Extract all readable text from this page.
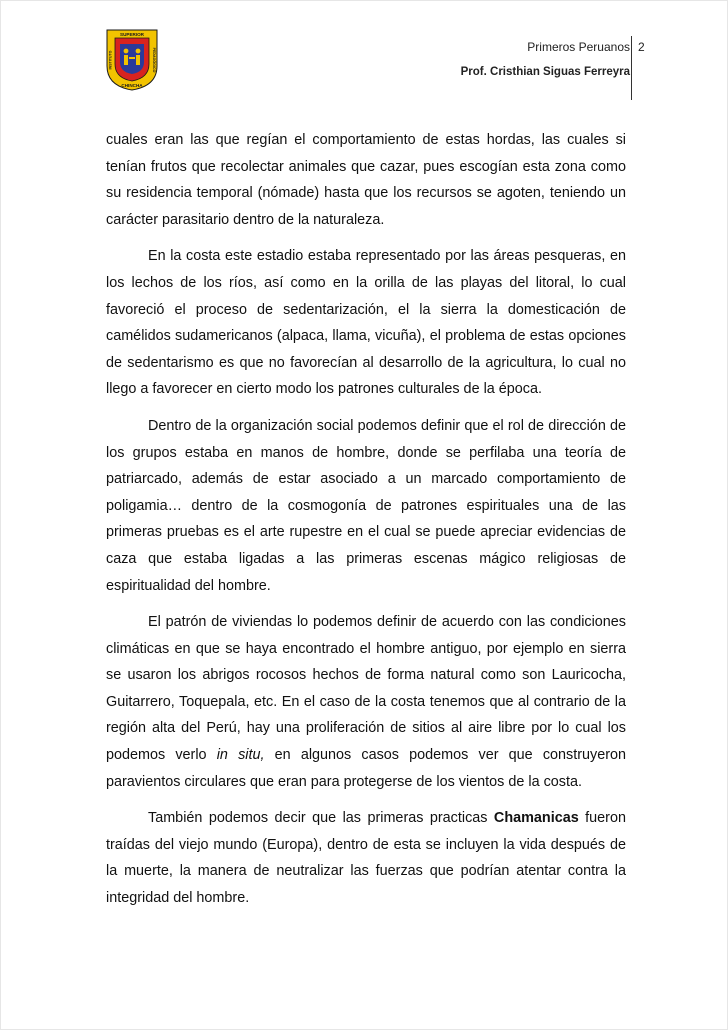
SUPERIOR
CHINCHA
INSTITUTO	PEDAGÓGICO
Primeros Peruanos
Prof. Cristhian Siguas Ferreyra
2

cuales eran las que regían el comportamiento de estas hordas, las cuales si tenían frutos que recolectar animales que cazar, pues escogían esta zona como su residencia temporal (nómade) hasta que los recursos se agoten, teniendo un carácter parasitario dentro de la naturaleza.

En la costa este estadio estaba representado por las áreas pesqueras, en los lechos de los ríos, así como en la orilla de las playas del litoral, lo cual favoreció el proceso de sedentarización, el la sierra la domesticación de camélidos sudamericanos (alpaca, llama, vicuña), el problema de estas opciones de sedentarismo es que no favorecían al desarrollo de la agricultura, lo cual no llego a favorecer en cierto modo los patrones culturales de la época.

Dentro de la organización social podemos definir que el rol de dirección de los grupos estaba en manos de hombre, donde se perfilaba una teoría de patriarcado, además de estar asociado a un marcado comportamiento de poligamia… dentro de la cosmogonía de patrones espirituales una de las primeras pruebas es el arte rupestre en el cual se puede apreciar evidencias de caza que estaba ligadas a las primeras escenas mágico religiosas de espiritualidad del hombre.

El patrón de viviendas lo podemos definir de acuerdo con las condiciones climáticas en que se haya encontrado el hombre antiguo, por ejemplo en sierra se usaron los abrigos rocosos hechos de forma natural como son Lauricocha, Guitarrero, Toquepala, etc. En el caso de la costa tenemos que al contrario de la región alta del Perú, hay una proliferación de sitios al aire libre por lo cual los podemos verlo in situ, en algunos casos podemos ver que construyeron paravientos circulares que eran para protegerse de los vientos de la costa.

También podemos decir que las primeras practicas Chamanicas fueron traídas del viejo mundo (Europa), dentro de esta se incluyen la vida después de la muerte, la manera de neutralizar las fuerzas que podrían atentar contra la integridad del hombre.
